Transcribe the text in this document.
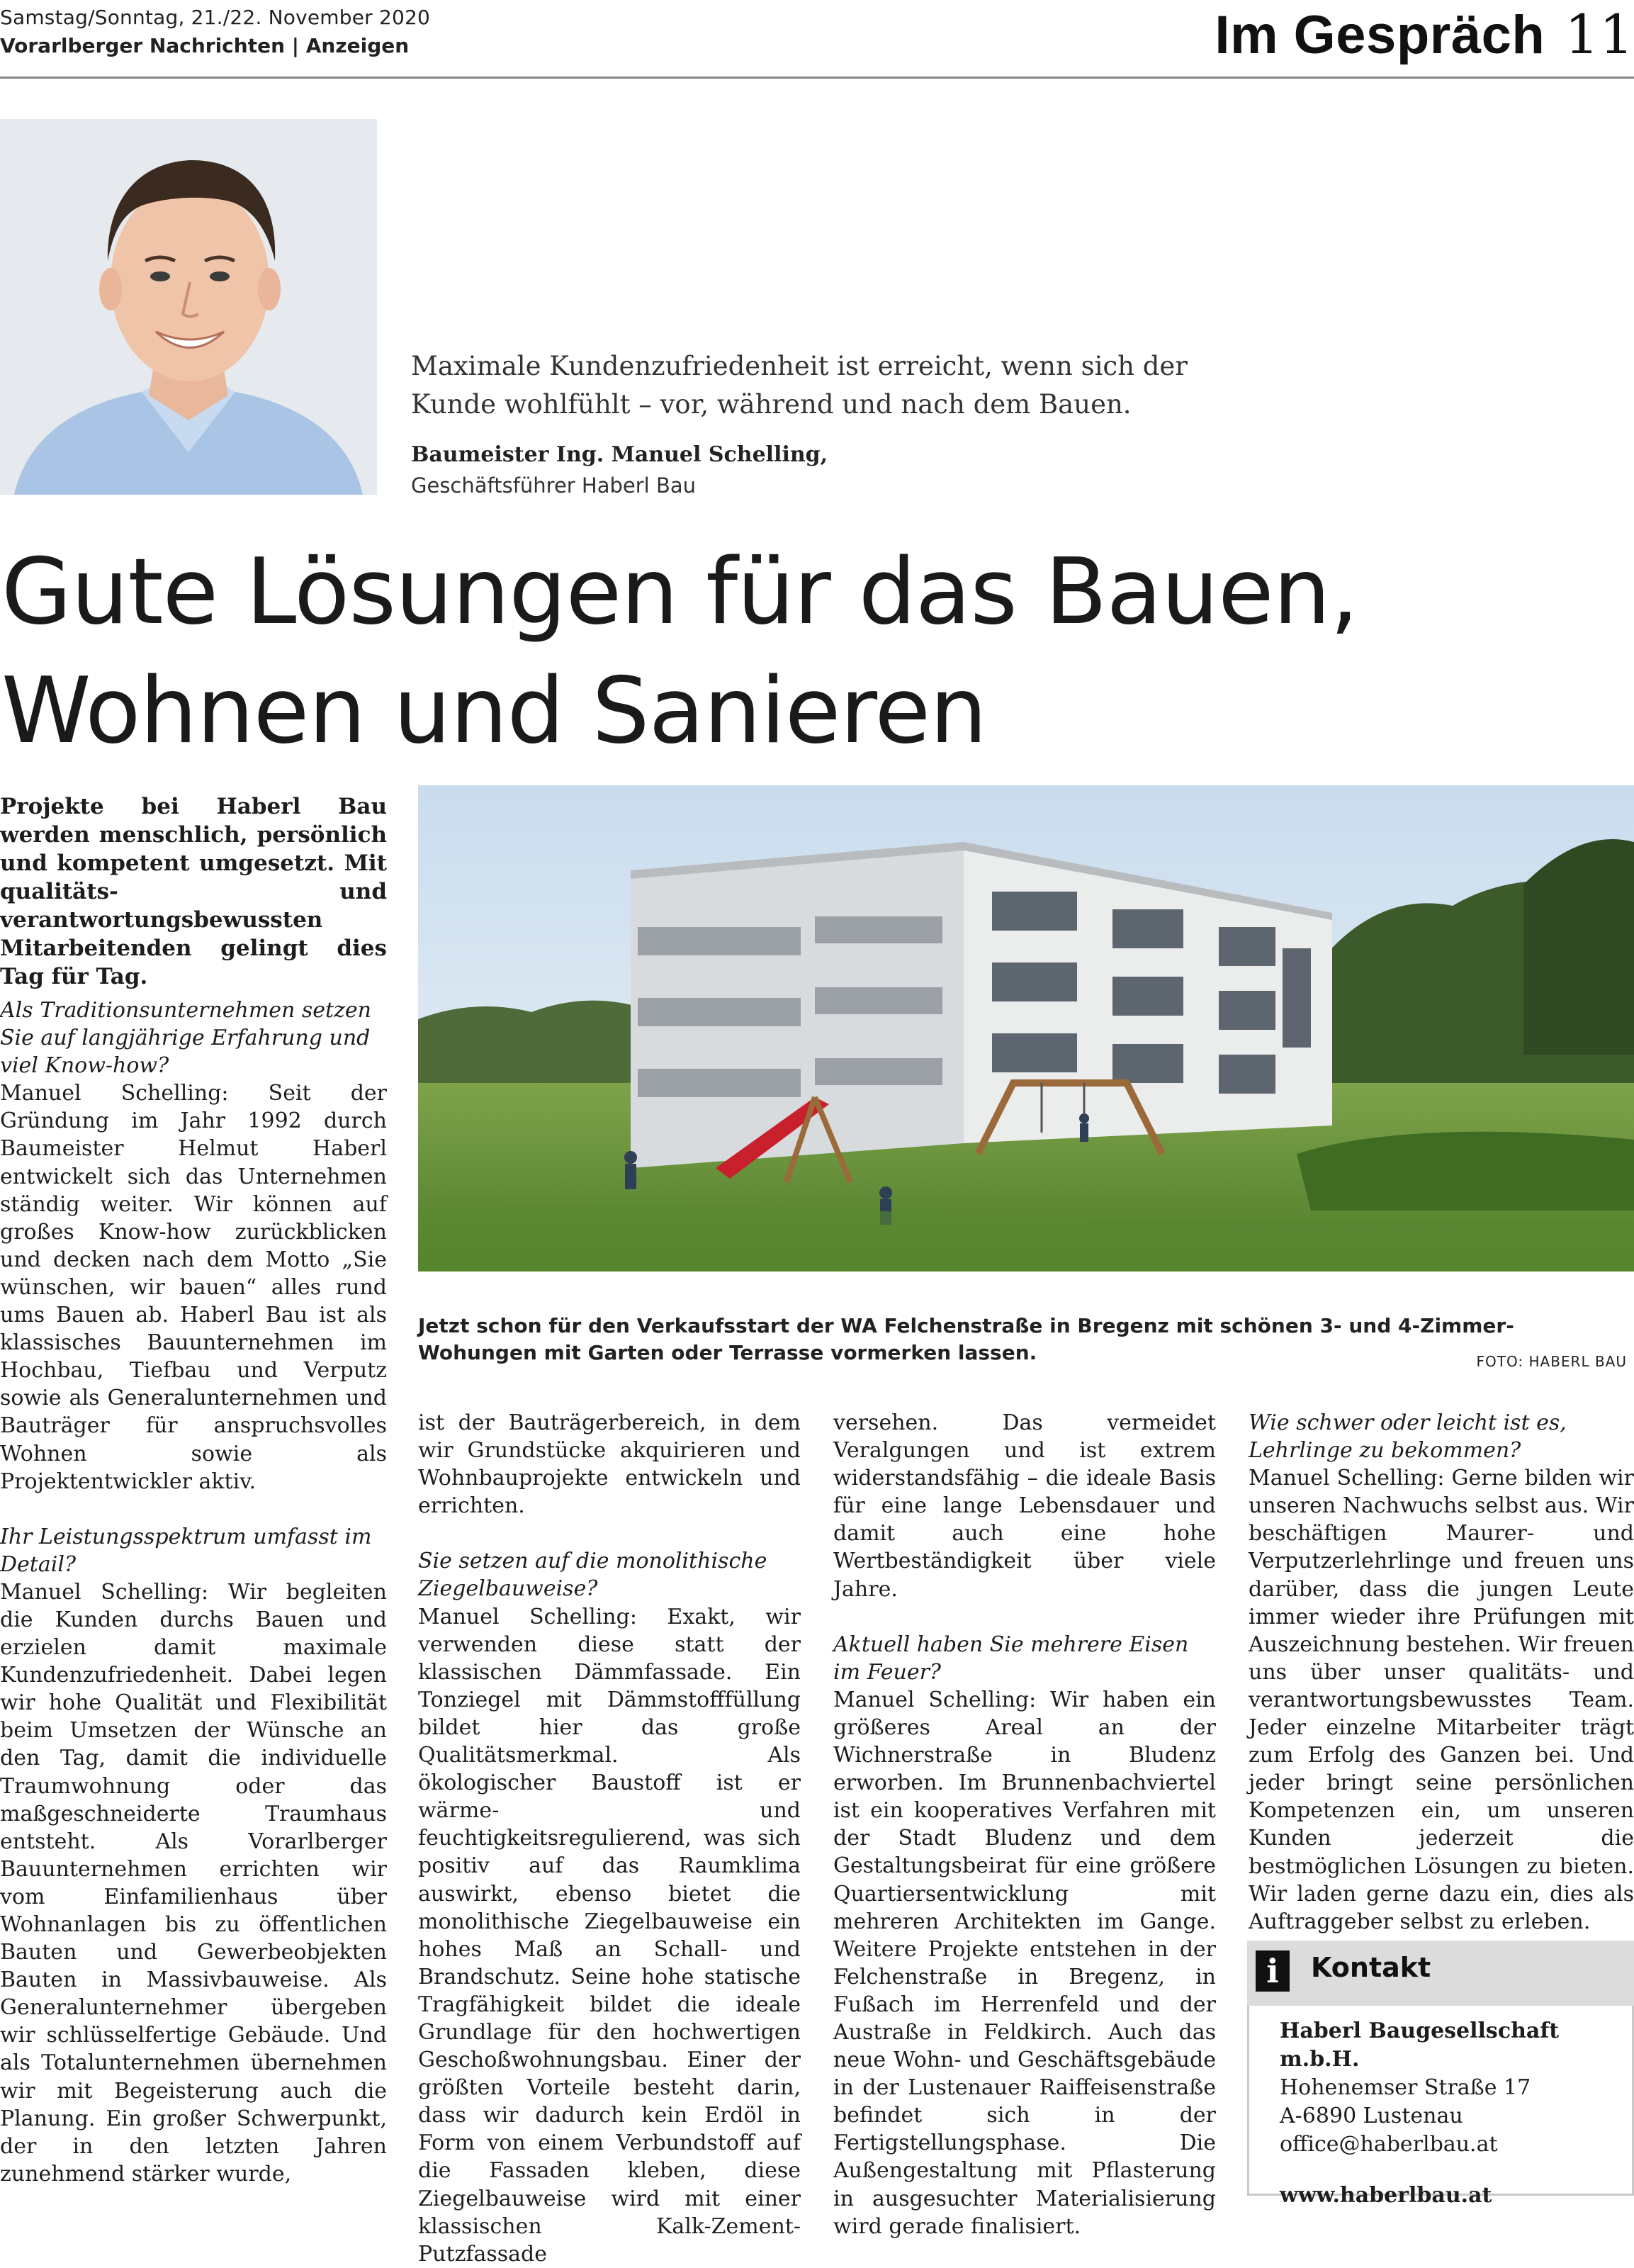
Samstag/Sonntag, 21./22. November 2020
Vorarlberger Nachrichten | Anzeigen	Im Gespräch 11
Maximale Kundenzufriedenheit ist erreicht, wenn sich der Kunde wohlfühlt – vor, während und nach dem Bauen.
Baumeister Ing. Manuel Schelling,
Geschäftsführer Haberl Bau
Gute Lösungen für das Bauen, Wohnen und Sanieren
Projekte bei Haberl Bau werden menschlich, persönlich und kompetent umgesetzt. Mit qualitäts- und verantwortungsbewussten Mitarbeitenden gelingt dies Tag für Tag.
Als Traditionsunternehmen setzen Sie auf langjährige Erfahrung und viel Know-how?

Manuel Schelling: Seit der Gründung im Jahr 1992 durch Baumeister Helmut Haberl entwickelt sich das Unternehmen ständig weiter. Wir können auf großes Know-how zurückblicken und decken nach dem Motto „Sie wünschen, wir bauen“ alles rund ums Bauen ab. Haberl Bau ist als klassisches Bauunternehmen im Hochbau, Tiefbau und Verputz sowie als Generalunternehmen und Bauträger für anspruchsvolles Wohnen sowie als Projektentwickler aktiv.

Ihr Leistungsspektrum umfasst im Detail?

Manuel Schelling: Wir begleiten die Kunden durchs Bauen und erzielen damit maximale Kundenzufriedenheit. Dabei legen wir hohe Qualität und Flexibilität beim Umsetzen der Wünsche an den Tag, damit die individuelle Traumwohnung oder das maßgeschneiderte Traumhaus entsteht. Als Vorarlberger Bauunternehmen errichten wir vom Einfamilienhaus über Wohnanlagen bis zu öffentlichen Bauten und Gewerbeobjekten Bauten in Massivbauweise. Als Generalunternehmer übergeben wir schlüsselfertige Gebäude. Und als Totalunternehmen übernehmen wir mit Begeisterung auch die Planung. Ein großer Schwerpunkt, der in den letzten Jahren zunehmend stärker wurde,

Jetzt schon für den Verkaufsstart der WA Felchenstraße in Bregenz mit schönen 3- und 4-Zimmer-Wohungen mit Garten oder Terrasse vormerken lassen.	FOTO: HABERL BAU

ist der Bauträgerbereich, in dem wir Grundstücke akquirieren und Wohnbauprojekte entwickeln und errichten.

Sie setzen auf die monolithische Ziegelbauweise?

Manuel Schelling: Exakt, wir verwenden diese statt der klassischen Dämmfassade. Ein Tonziegel mit Dämmstofffüllung bildet hier das große Qualitätsmerkmal. Als ökologischer Baustoff ist er wärme- und feuchtigkeitsregulierend, was sich positiv auf das Raumklima auswirkt, ebenso bietet die monolithische Ziegelbauweise ein hohes Maß an Schall- und Brandschutz. Seine hohe statische Tragfähigkeit bildet die ideale Grundlage für den hochwertigen Geschoßwohnungsbau. Einer der größten Vorteile besteht darin, dass wir dadurch kein Erdöl in Form von einem Verbundstoff auf die Fassaden kleben, diese Ziegelbauweise wird mit einer klassischen Kalk-Zement-Putzfassade

versehen. Das vermeidet Veralgungen und ist extrem widerstandsfähig – die ideale Basis für eine lange Lebensdauer und damit auch eine hohe Wertbeständigkeit über viele Jahre.

Aktuell haben Sie mehrere Eisen im Feuer?

Manuel Schelling: Wir haben ein größeres Areal an der Wichnerstraße in Bludenz erworben. Im Brunnenbachviertel ist ein kooperatives Verfahren mit der Stadt Bludenz und dem Gestaltungsbeirat für eine größere Quartiersentwicklung mit mehreren Architekten im Gange. Weitere Projekte entstehen in der Felchenstraße in Bregenz, in Fußach im Herrenfeld und der Austraße in Feldkirch. Auch das neue Wohn- und Geschäftsgebäude in der Lustenauer Raiffeisenstraße befindet sich in der Fertigstellungsphase. Die Außengestaltung mit Pflasterung in ausgesuchter Materialisierung wird gerade finalisiert.

Wie schwer oder leicht ist es, Lehrlinge zu bekommen?

Manuel Schelling: Gerne bilden wir unseren Nachwuchs selbst aus. Wir beschäftigen Maurer- und Verputzerlehrlinge und freuen uns darüber, dass die jungen Leute immer wieder ihre Prüfungen mit Auszeichnung bestehen. Wir freuen uns über unser qualitäts- und verantwortungsbewusstes Team. Jeder einzelne Mitarbeiter trägt zum Erfolg des Ganzen bei. Und jeder bringt seine persönlichen Kompetenzen ein, um unseren Kunden jederzeit die bestmöglichen Lösungen zu bieten. Wir laden gerne dazu ein, dies als Auftraggeber selbst zu erleben.

i	Kontakt
Haberl Baugesellschaft m.b.H.
Hohenemser Straße 17
A-6890 Lustenau
office@haberlbau.at
www.haberlbau.at
